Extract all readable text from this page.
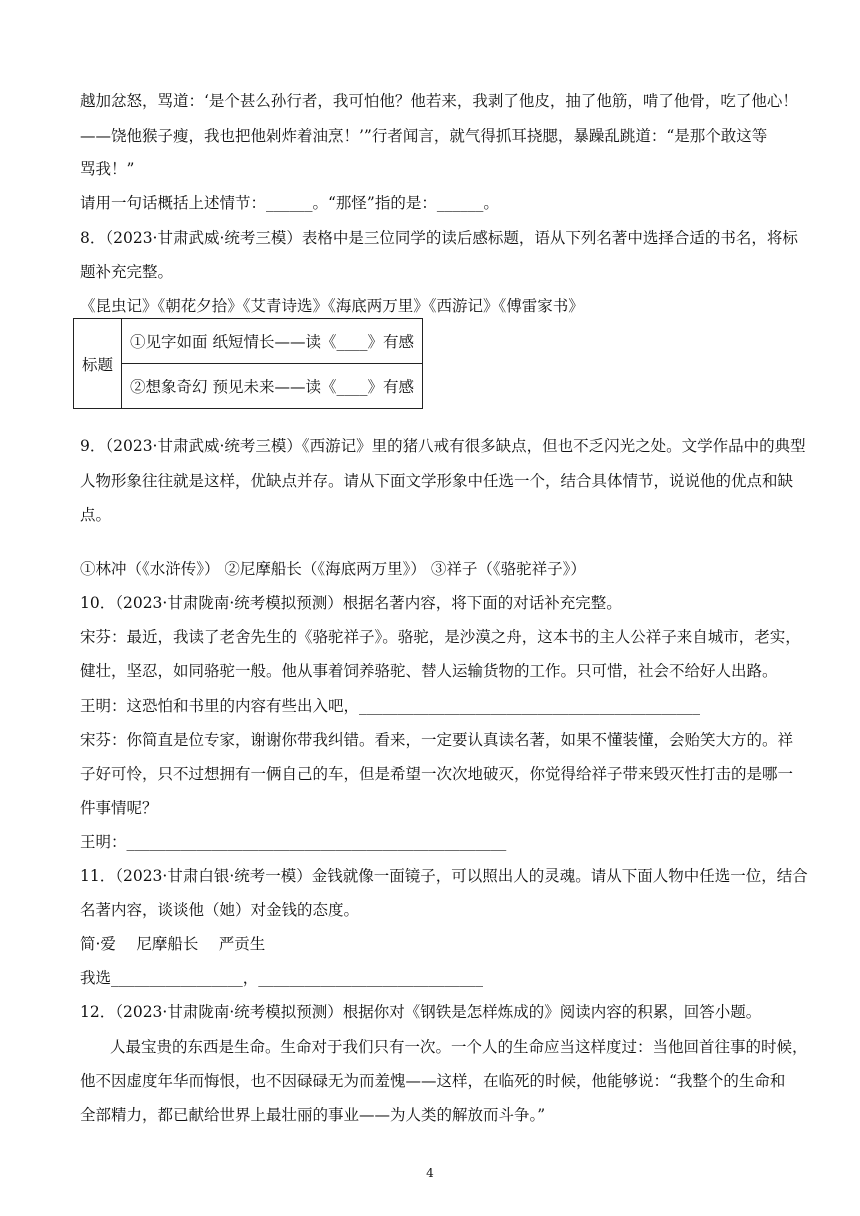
越加忿怒，骂道：‘是个甚么孙行者，我可怕他？他若来，我剥了他皮，抽了他筋，啃了他骨，吃了他心！
——饶他猴子瘦，我也把他剁炸着油烹！’”行者闻言，就气得抓耳挠腮，暴躁乱跳道：“是那个敢这等
骂我！”
请用一句话概括上述情节：______。“那怪”指的是：______。
8．（2023·甘肃武威·统考三模）表格中是三位同学的读后感标题，语从下列名著中选择合适的书名，将标
题补充完整。
《昆虫记》《朝花夕拾》《艾青诗选》《海底两万里》《西游记》《傅雷家书》
标题	①见字如面 纸短情长——读《____》有感
②想象奇幻 预见未来——读《____》有感
9．（2023·甘肃武威·统考三模）《西游记》里的猪八戒有很多缺点，但也不乏闪光之处。文学作品中的典型
人物形象往往就是这样，优缺点并存。请从下面文学形象中任选一个，结合具体情节，说说他的优点和缺
点。
①林冲（《水浒传》） ②尼摩船长（《海底两万里》） ③祥子（《骆驼祥子》）
10．（2023·甘肃陇南·统考模拟预测）根据名著内容，将下面的对话补充完整。
宋芬：最近，我读了老舍先生的《骆驼祥子》。骆驼，是沙漠之舟，这本书的主人公祥子来自城市，老实，
健壮，坚忍，如同骆驼一般。他从事着饲养骆驼、替人运输货物的工作。只可惜，社会不给好人出路。
王明：这恐怕和书里的内容有些出入吧，____________________________________________
宋芬：你简直是位专家，谢谢你带我纠错。看来，一定要认真读名著，如果不懂装懂，会贻笑大方的。祥
子好可怜，只不过想拥有一俩自己的车，但是希望一次次地破灭，你觉得给祥子带来毁灭性打击的是哪一
件事情呢？
王明：_________________________________________________
11．（2023·甘肃白银·统考一模）金钱就像一面镜子，可以照出人的灵魂。请从下面人物中任选一位，结合
名著内容，谈谈他（她）对金钱的态度。
简·爱　 尼摩船长　 严贡生
我选_________________，_____________________________
12．（2023·甘肃陇南·统考模拟预测）根据你对《钢铁是怎样炼成的》阅读内容的积累，回答小题。
人最宝贵的东西是生命。生命对于我们只有一次。一个人的生命应当这样度过：当他回首往事的时候，
他不因虚度年华而悔恨，也不因碌碌无为而羞愧——这样，在临死的时候，他能够说：“我整个的生命和
全部精力，都已献给世界上最壮丽的事业——为人类的解放而斗争。”
4
